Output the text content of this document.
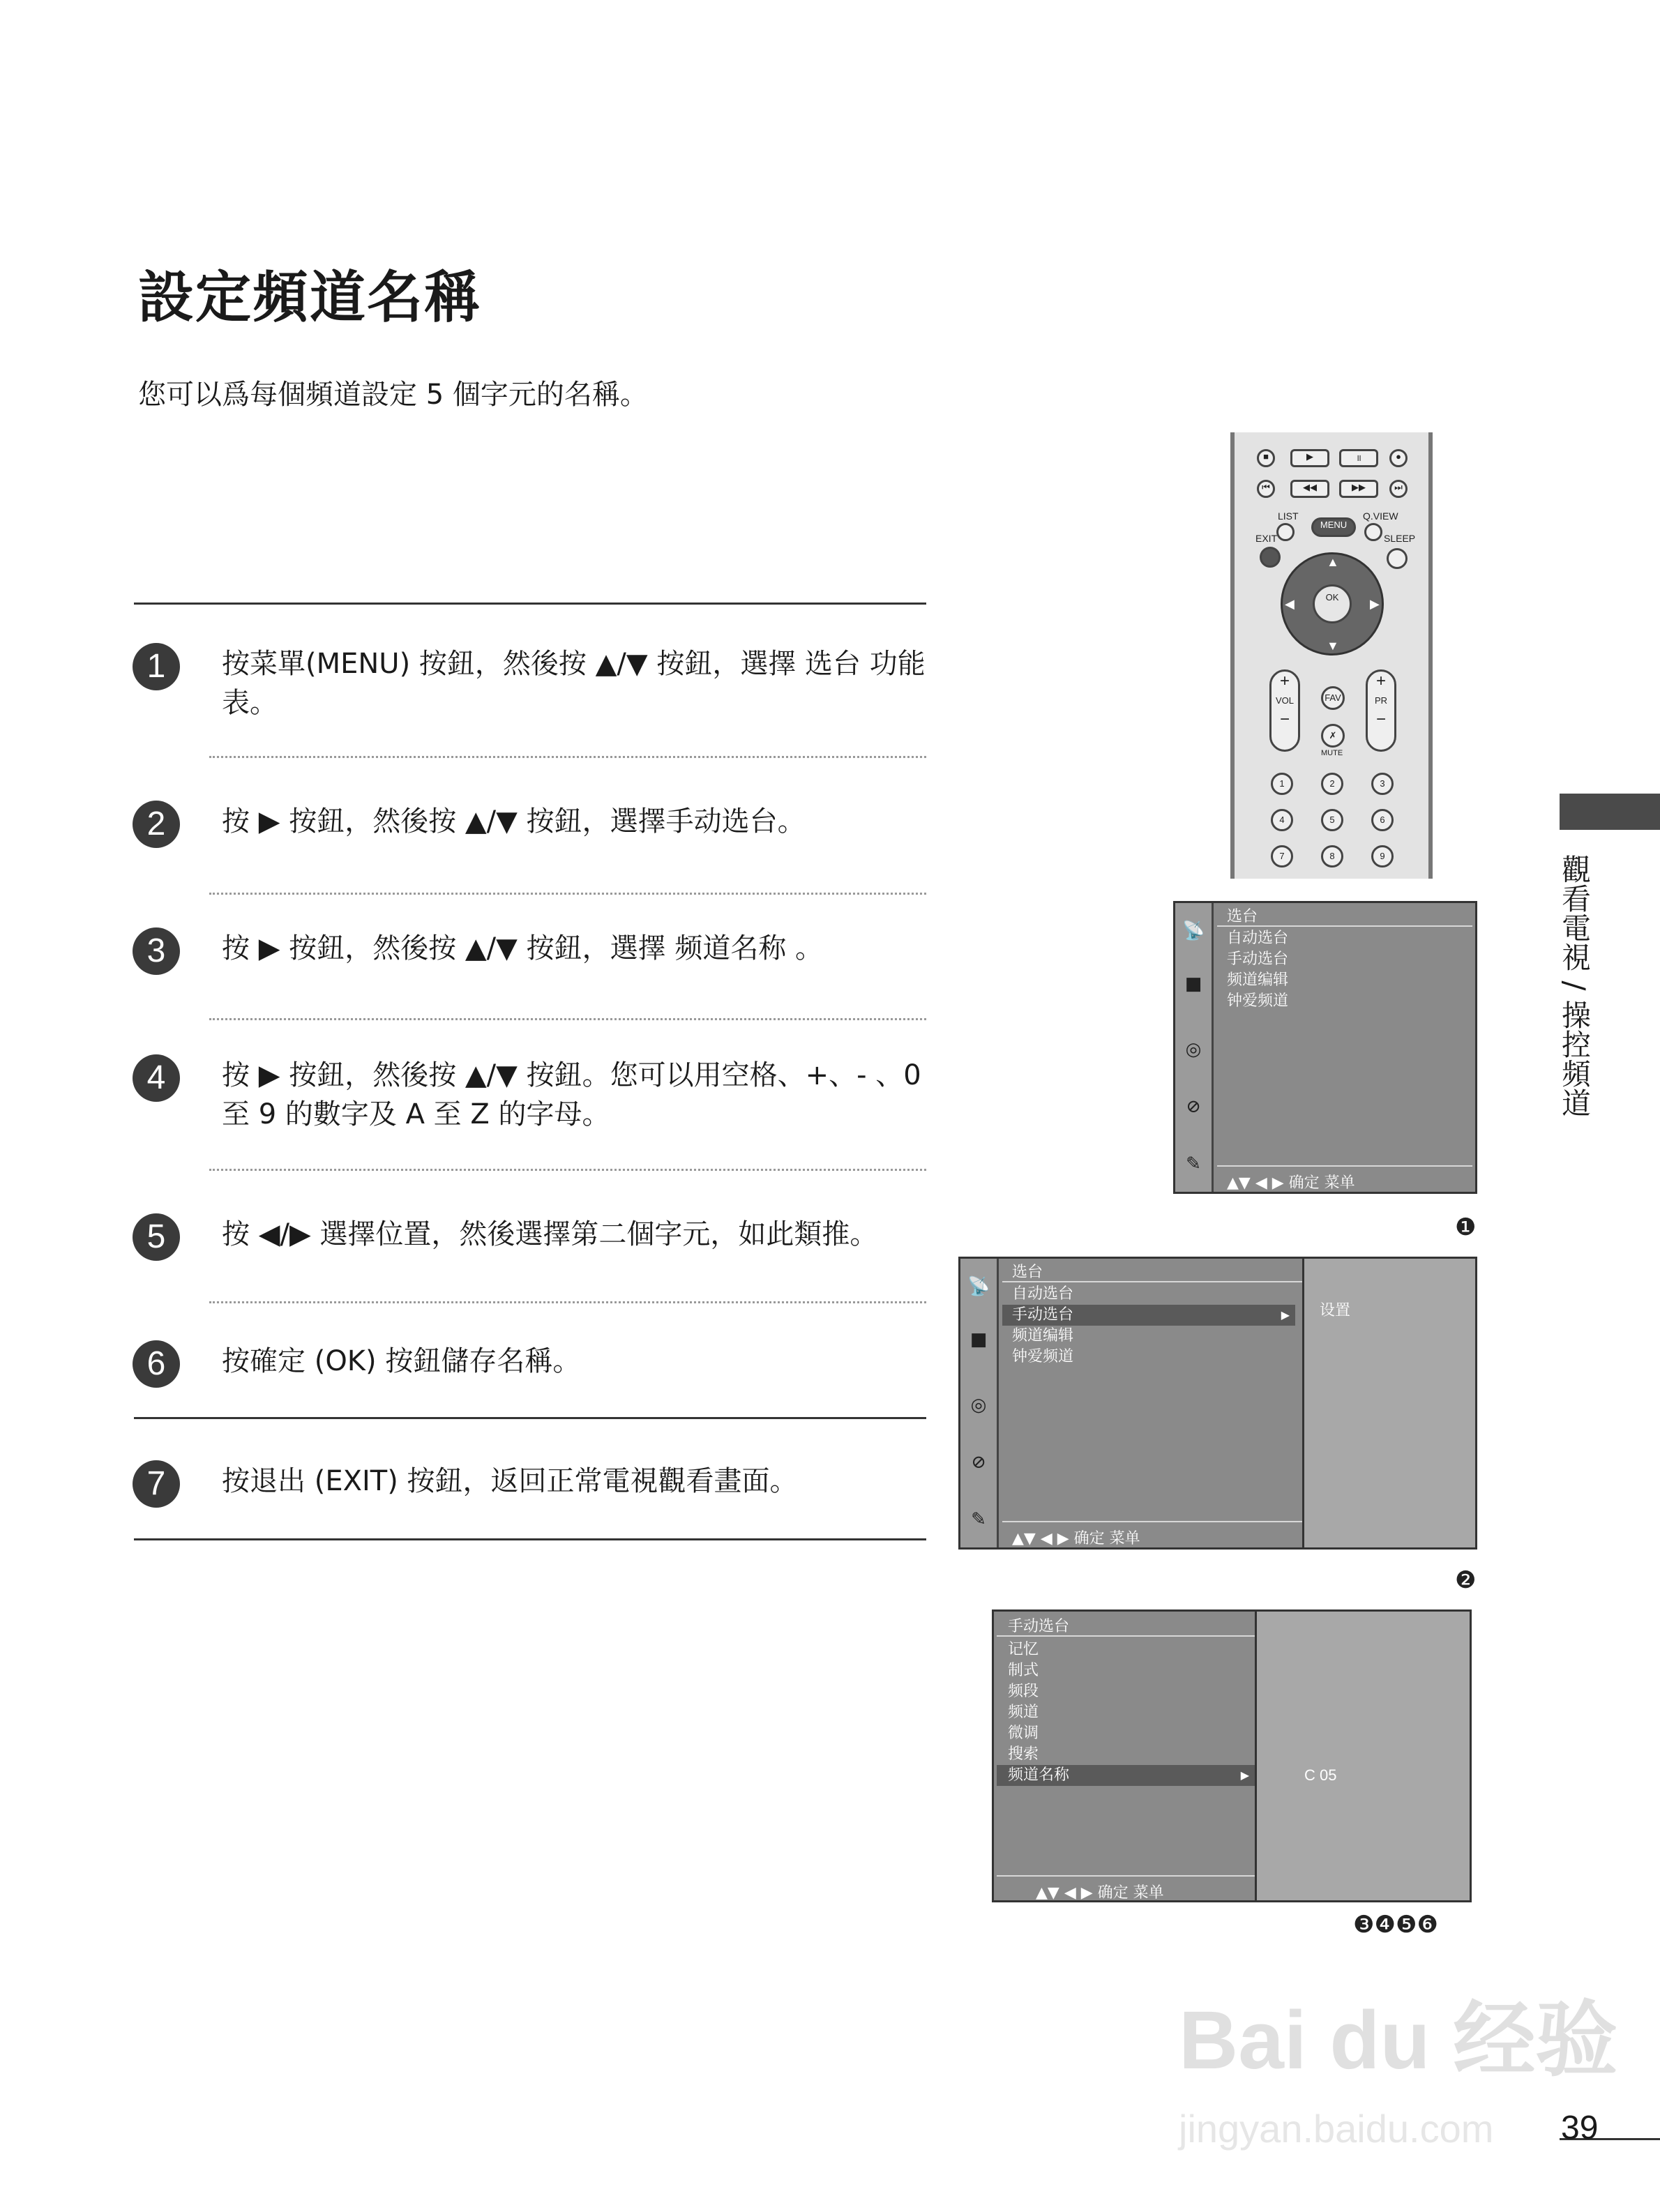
設定頻道名稱
您可以爲每個頻道設定 5 個字元的名稱。
1	按菜單(MENU) 按鈕，然後按 ▲/▼ 按鈕，選擇 选台 功能表。
2	按 ▶ 按鈕，然後按 ▲/▼ 按鈕，選擇手动选台。
3	按 ▶ 按鈕，然後按 ▲/▼ 按鈕，選擇 频道名称 。
4	按 ▶ 按鈕，然後按 ▲/▼ 按鈕。您可以用空格、+、- 、0 至 9 的數字及 A 至 Z 的字母。
5	按 ◀/▶ 選擇位置，然後選擇第二個字元，如此類推。
6	按確定 (OK) 按鈕儲存名稱。
7	按退出 (EXIT) 按鈕，返回正常電視觀看畫面。
觀看電視 / 操控頻道
■	▶	॥	●
⏮	◀◀	▶▶	⏭
LIST	Q.VIEW
MENU
EXIT	SLEEP
▲
▼
◀	▶
OK
+
VOL
−
+
PR
−
FAV
✗
MUTE
1	2	3
4	5	6
7	8	9
📡
■
◎
⊘
✎
选台
自动选台
手动选台
频道编辑
钟爱频道
▲▼ ◀ ▶ 确定 菜单
❶
📡
■
◎
⊘
✎
选台
自动选台
手动选台	▶
频道编辑
钟爱频道
▲▼ ◀ ▶ 确定 菜单
设置
❷
手动选台
记忆
制式
频段
频道
微调
搜索
频道名称	▶
▲▼ ◀ ▶ 确定 菜单
C 05
❸❹❺❻
Bai du 经验
jingyan.baidu.com 39
